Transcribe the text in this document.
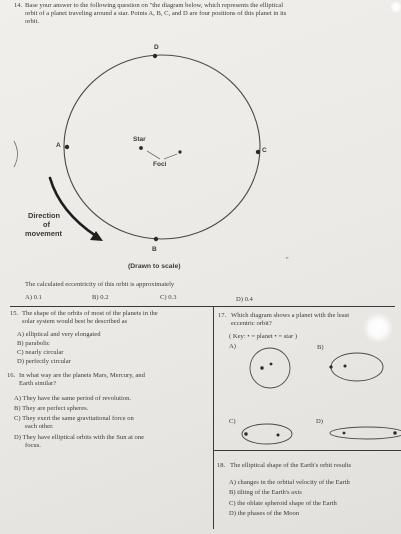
14. Base your answer to the following question on "the diagram below, which represents the elliptical
orbit of a planet traveling around a star. Points A, B, C, and D are four positions of this planet in its
orbit.
D
A
C
B
Star
Foci
Direction
of
movement
(Drawn to scale)
"
The calculated eccentricity of this orbit is approximately
A) 0.1	B) 0.2	C) 0.3	D) 0.4
15. The shape of the orbits of most of the planets in the
solar system would best be described as
A) elliptical and very elongated
B) parabolic
C) nearly circular
D) perfectly circular
16. In what way are the planets Mars, Mercury, and
Earth similar?
A) They have the same period of revolution.
B) They are perfect spheres.
C) They exert the same gravitational force on
each other.
D) They have elliptical orbits with the Sun at one
focus.
17. Which diagram shows a planet with the least
eccentric orbit?
( Key: • = planet • = star )
A)	B)
C)	D)
18. The elliptical shape of the Earth's orbit results
A) changes in the orbital velocity of the Earth
B) tilting of the Earth's axis
C) the oblate spheroid shape of the Earth
D) the phases of the Moon
